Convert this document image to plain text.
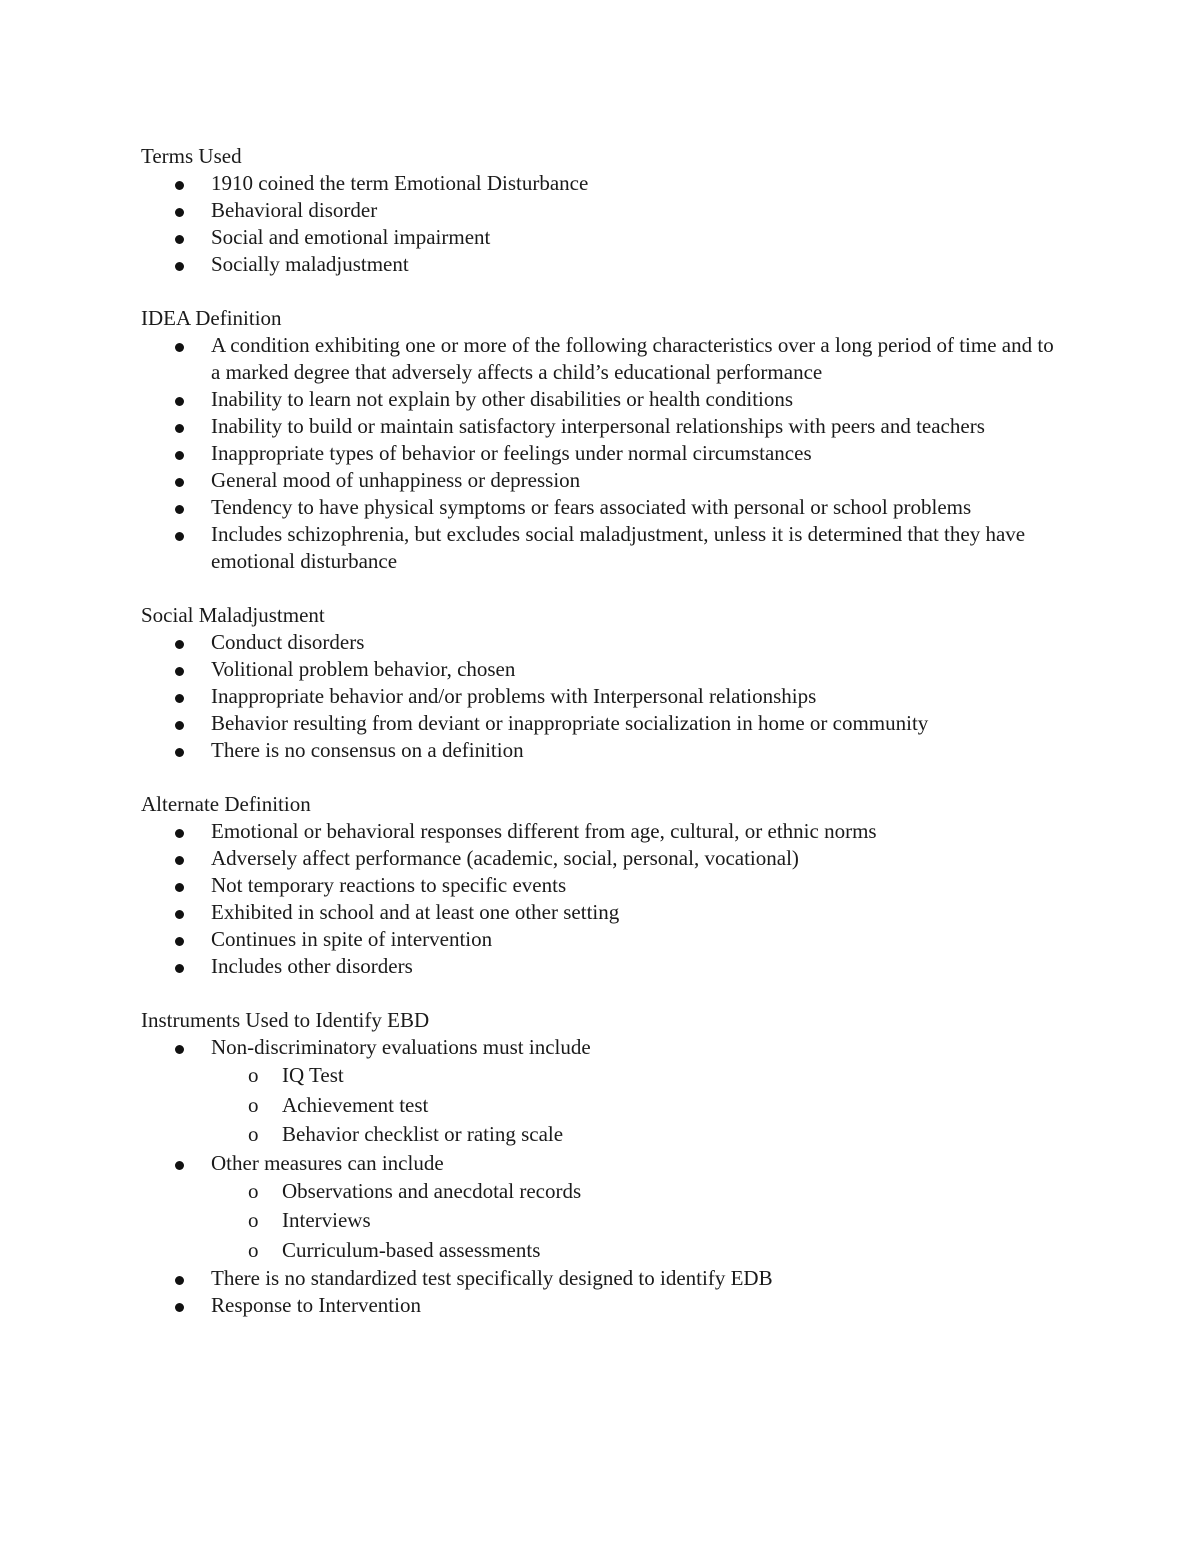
Terms Used
1910 coined the term Emotional Disturbance
Behavioral disorder
Social and emotional impairment
Socially maladjustment
IDEA Definition
A condition exhibiting one or more of the following characteristics over a long period of time and to a marked degree that adversely affects a child’s educational performance
Inability to learn not explain by other disabilities or health conditions
Inability to build or maintain satisfactory interpersonal relationships with peers and teachers
Inappropriate types of behavior or feelings under normal circumstances
General mood of unhappiness or depression
Tendency to have physical symptoms or fears associated with personal or school problems
Includes schizophrenia, but excludes social maladjustment, unless it is determined that they have emotional disturbance
Social Maladjustment
Conduct disorders
Volitional problem behavior, chosen
Inappropriate behavior and/or problems with Interpersonal relationships
Behavior resulting from deviant or inappropriate socialization in home or community
There is no consensus on a definition
Alternate Definition
Emotional or behavioral responses different from age, cultural, or ethnic norms
Adversely affect performance (academic, social, personal, vocational)
Not temporary reactions to specific events
Exhibited in school and at least one other setting
Continues in spite of intervention
Includes other disorders
Instruments Used to Identify EBD
Non-discriminatory evaluations must include
o IQ Test
o Achievement test
o Behavior checklist or rating scale
Other measures can include
o Observations and anecdotal records
o Interviews
o Curriculum-based assessments
There is no standardized test specifically designed to identify EDB
Response to Intervention
